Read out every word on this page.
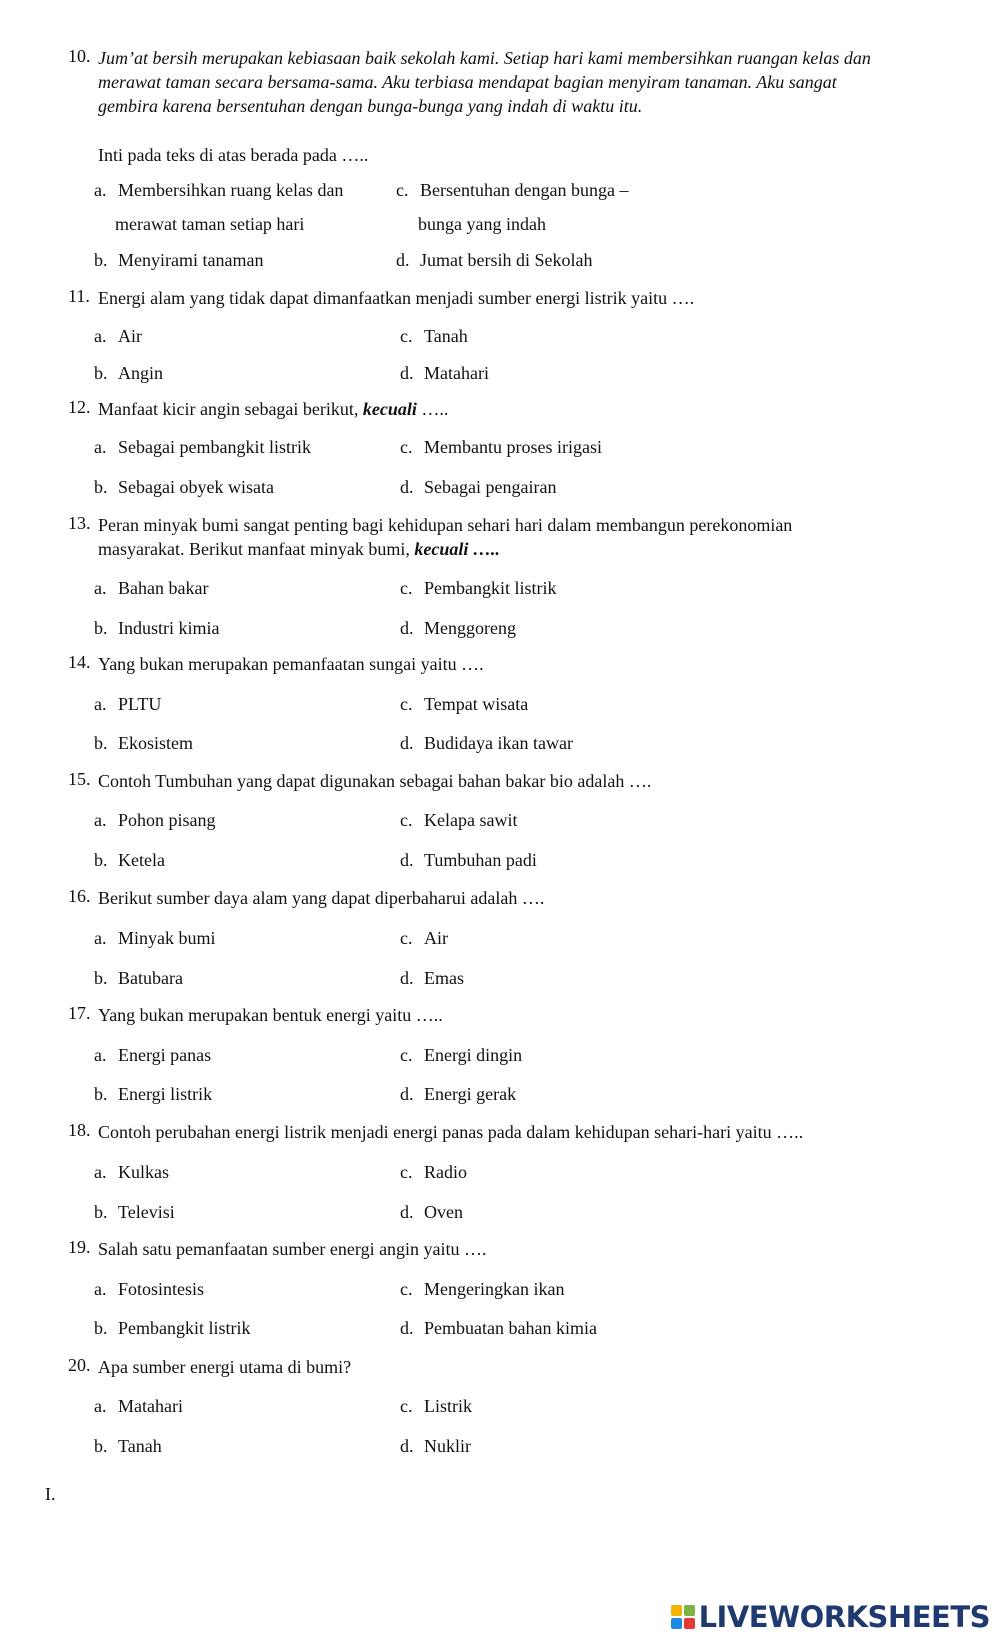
10. Jum’at bersih merupakan kebiasaan baik sekolah kami. Setiap hari kami membersihkan ruangan kelas dan
merawat taman secara bersama-sama. Aku terbiasa mendapat bagian menyiram tanaman. Aku sangat
gembira karena bersentuhan dengan bunga-bunga yang indah di waktu itu.
Inti pada teks di atas berada pada …..
a. Membersihkan ruang kelas dan
merawat taman setiap hari
c. Bersentuhan dengan bunga –
bunga yang indah
b. Menyirami tanaman	d. Jumat bersih di Sekolah
11. Energi alam yang tidak dapat dimanfaatkan menjadi sumber energi listrik yaitu ….
a. Air	c. Tanah
b. Angin	d. Matahari
12. Manfaat kicir angin sebagai berikut, kecuali …..
a. Sebagai pembangkit listrik	c. Membantu proses irigasi
b. Sebagai obyek wisata	d. Sebagai pengairan
13. Peran minyak bumi sangat penting bagi kehidupan sehari hari dalam membangun perekonomian
masyarakat. Berikut manfaat minyak bumi, kecuali …..
a. Bahan bakar	c. Pembangkit listrik
b. Industri kimia	d. Menggoreng
14. Yang bukan merupakan pemanfaatan sungai yaitu ….
a. PLTU	c. Tempat wisata
b. Ekosistem	d. Budidaya ikan tawar
15. Contoh Tumbuhan yang dapat digunakan sebagai bahan bakar bio adalah ….
a. Pohon pisang	c. Kelapa sawit
b. Ketela	d. Tumbuhan padi
16. Berikut sumber daya alam yang dapat diperbaharui adalah ….
a. Minyak bumi	c. Air
b. Batubara	d. Emas
17. Yang bukan merupakan bentuk energi yaitu …..
a. Energi panas	c. Energi dingin
b. Energi listrik	d. Energi gerak
18. Contoh perubahan energi listrik menjadi energi panas pada dalam kehidupan sehari-hari yaitu …..
a. Kulkas	c. Radio
b. Televisi	d. Oven
19. Salah satu pemanfaatan sumber energi angin yaitu ….
a. Fotosintesis	c. Mengeringkan ikan
b. Pembangkit listrik	d. Pembuatan bahan kimia
20. Apa sumber energi utama di bumi?
a. Matahari	c. Listrik
b. Tanah	d. Nuklir
I.
LIVEWORKSHEETS
